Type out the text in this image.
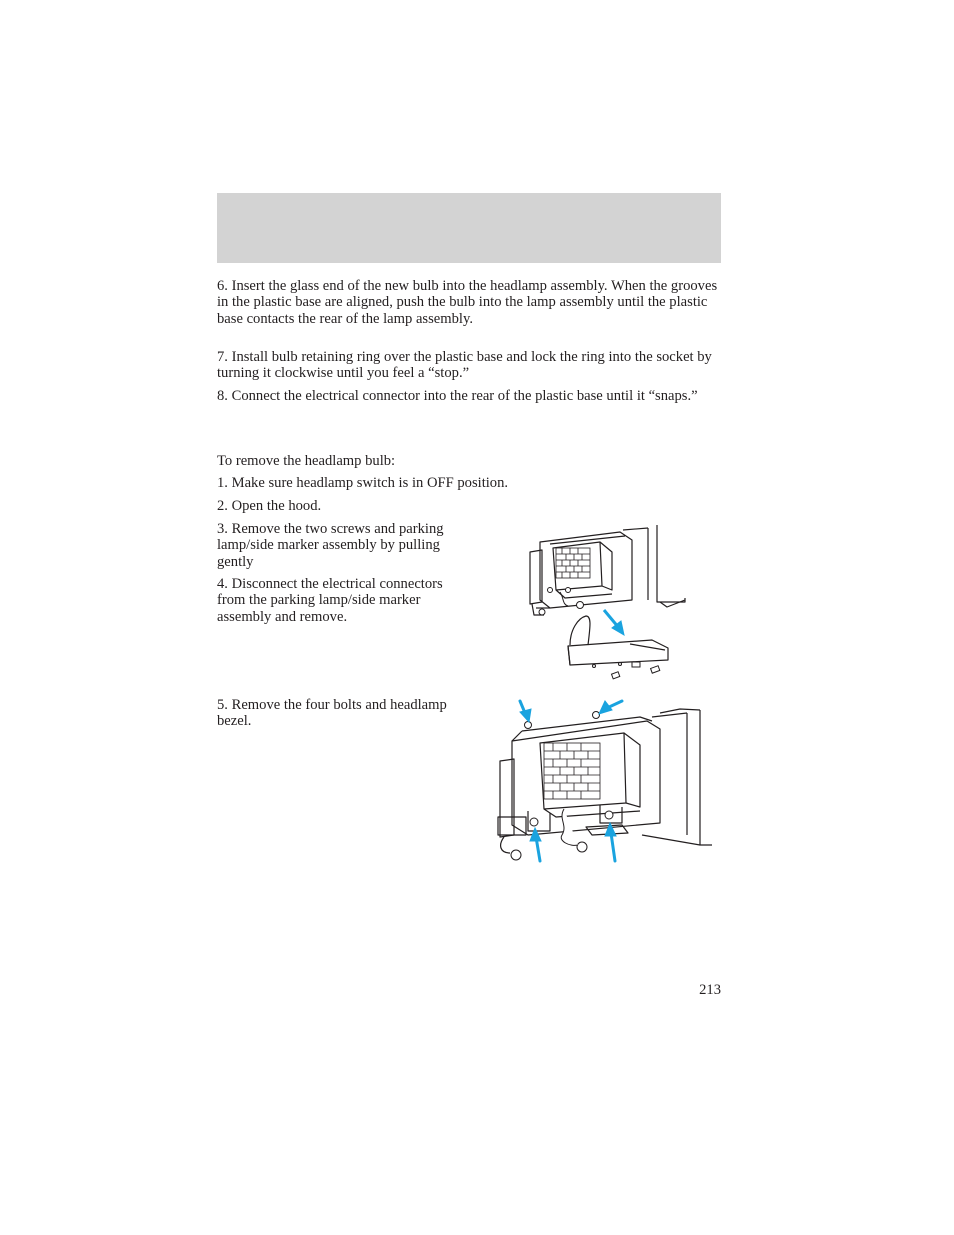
6. Insert the glass end of the new bulb into the headlamp assembly. When the grooves in the plastic base are aligned, push the bulb into the lamp assembly until the plastic base contacts the rear of the lamp assembly.

7. Install bulb retaining ring over the plastic base and lock the ring into the socket by turning it clockwise until you feel a “stop.”

8. Connect the electrical connector into the rear of the plastic base until it “snaps.”

To remove the headlamp bulb:

1. Make sure headlamp switch is in OFF position.

2. Open the hood.

3. Remove the two screws and parking lamp/side marker assembly by pulling gently

4. Disconnect the electrical connectors from the parking lamp/side marker assembly and remove.

5. Remove the four bolts and headlamp bezel.

213
